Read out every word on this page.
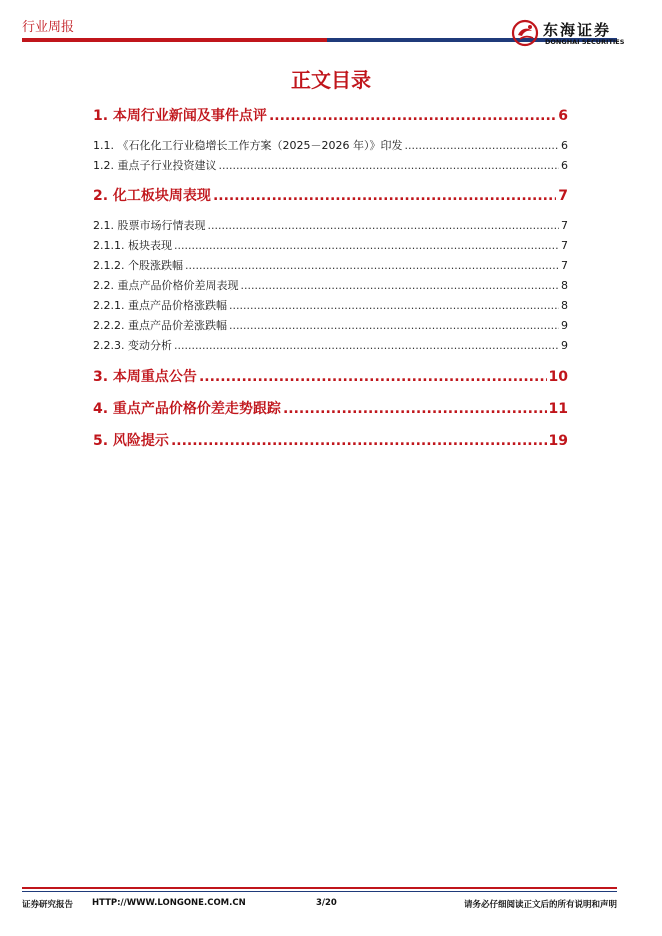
行业周报	东海证券
DONGHAI SECURITIES
正文目录
1. 本周行业新闻及事件点评 .....	6
1.1. 《石化化工行业稳增长工作方案（2025－2026 年）》印发 .....	6
1.2. 重点子行业投资建议 .....	6
2. 化工板块周表现 .....	7
2.1. 股票市场行情表现 .....	7
2.1.1. 板块表现 .....	7
2.1.2. 个股涨跌幅 .....	7
2.2. 重点产品价格价差周表现 .....	8
2.2.1. 重点产品价格涨跌幅 .....	8
2.2.2. 重点产品价差涨跌幅 .....	9
2.2.3. 变动分析 .....	9
3. 本周重点公告 .....	10
4. 重点产品价格价差走势跟踪 .....	11
5. 风险提示 .....	19
证券研究报告 HTTP://WWW.LONGONE.COM.CN	3/20	请务必仔细阅读正文后的所有说明和声明
